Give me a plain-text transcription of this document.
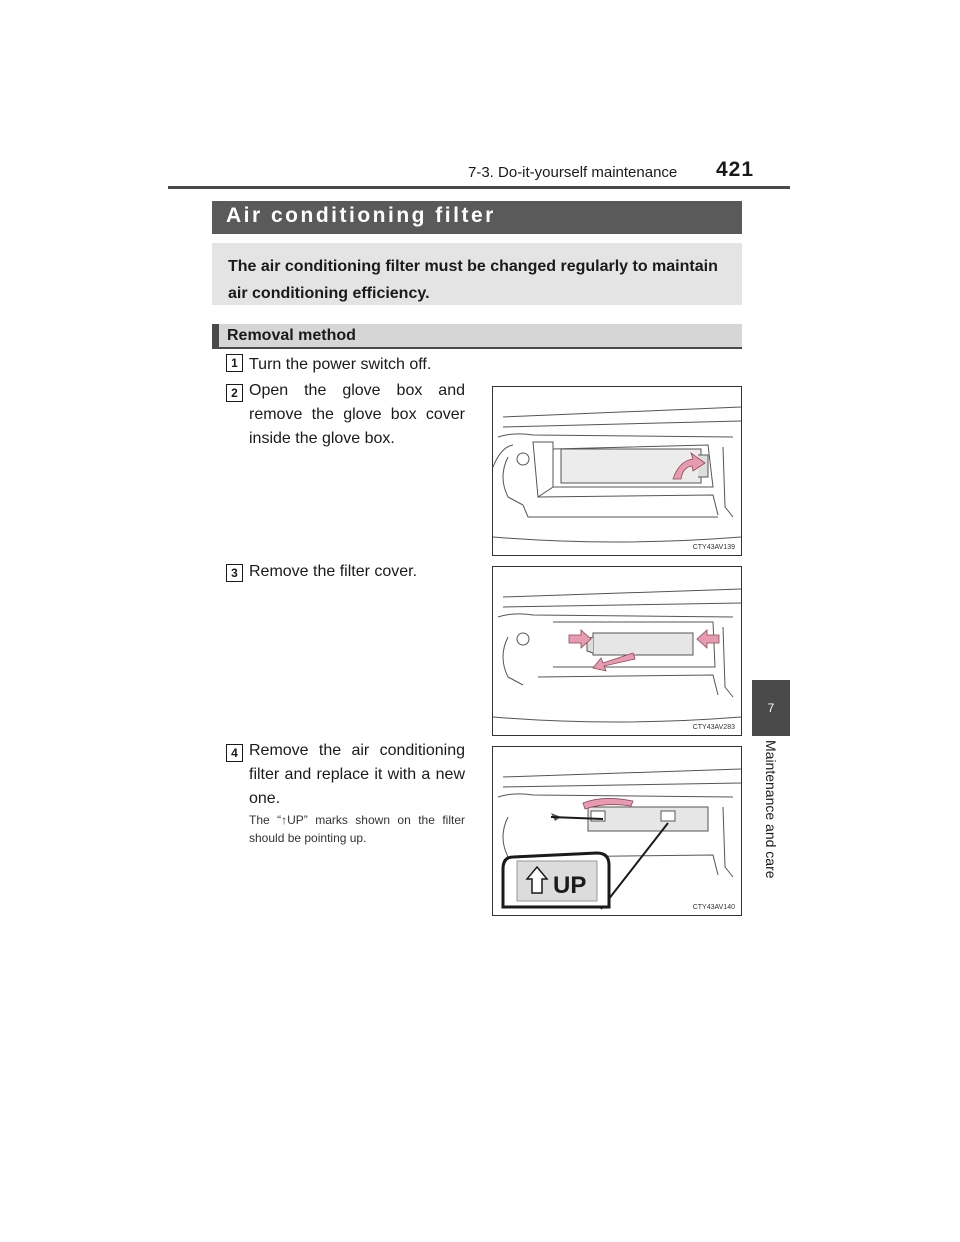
7-3. Do-it-yourself maintenance 421
7
Maintenance and care
Air conditioning filter
The air conditioning filter must be changed regularly to maintain air conditioning efficiency.
Removal method
1 Turn the power switch off.
2 Open the glove box and remove the glove box cover inside the glove box.
CTY43AV139
3 Remove the filter cover.
CTY43AV283
4 Remove the air conditioning filter and replace it with a new one.
The “↑UP” marks shown on the filter should be pointing up.
UP
CTY43AV140
